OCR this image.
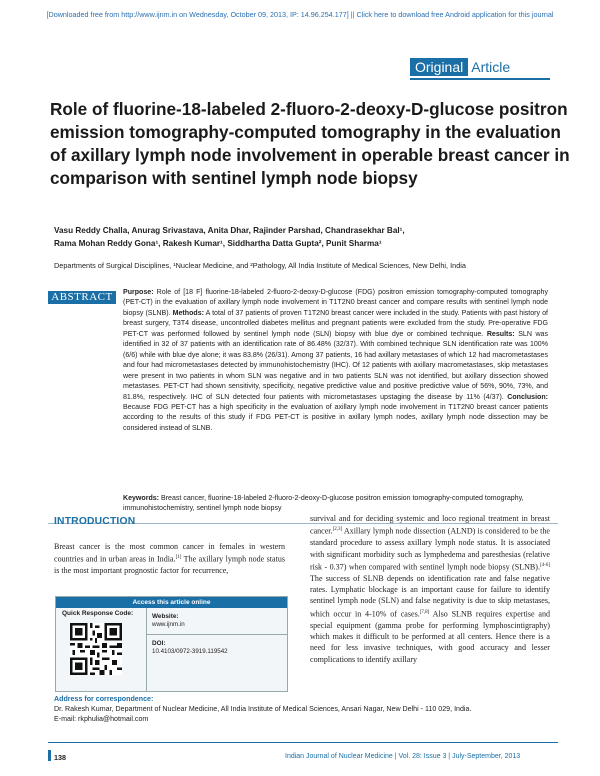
[Downloaded free from http://www.ijnm.in on Wednesday, October 09, 2013, IP: 14.96.254.177] || Click here to download free Android application for this journal
Original Article
Role of fluorine-18-labeled 2-fluoro-2-deoxy-D-glucose positron emission tomography-computed tomography in the evaluation of axillary lymph node involvement in operable breast cancer in comparison with sentinel lymph node biopsy
Vasu Reddy Challa, Anurag Srivastava, Anita Dhar, Rajinder Parshad, Chandrasekhar Bal¹,
Rama Mohan Reddy Gona¹, Rakesh Kumar¹, Siddhartha Datta Gupta², Punit Sharma¹
Departments of Surgical Disciplines, ¹Nuclear Medicine, and ²Pathology, All India Institute of Medical Sciences, New Delhi, India
ABSTRACT	Purpose: Role of [18 F] fluorine-18-labeled 2-fluoro-2-deoxy-D-glucose (FDG) positron emission tomography-computed tomography (PET-CT) in the evaluation of axillary lymph node involvement in T1T2N0 breast cancer and compare results with sentinel lymph node biopsy (SLNB). Methods: A total of 37 patients of proven T1T2N0 breast cancer were included in the study. Patients with past history of breast surgery, T3T4 disease, uncontrolled diabetes mellitus and pregnant patients were excluded from the study. Pre-operative FDG PET-CT was performed followed by sentinel lymph node (SLN) biopsy with blue dye or combined technique. Results: SLN was identified in 32 of 37 patients with an identification rate of 86.48% (32/37). With combined technique SLN identification rate was 100% (6/6) while with blue dye alone; it was 83.8% (26/31). Among 37 patients, 16 had axillary metastases of which 12 had macrometastases and four had micrometastases detected by immunohistochemistry (IHC). Of 12 patients with axillary macrometastases, skip metastases were present in two patients in whom SLN was negative and in two patients SLN was not identified, but axillary dissection showed metastases. PET-CT had shown sensitivity, specificity, negative predictive value and positive predictive value of 56%, 90%, 73%, and 81.8%, respectively. IHC of SLN detected four patients with micrometastases upstaging the disease by 11% (4/37). Conclusion: Because FDG PET-CT has a high specificity in the evaluation of axillary lymph node involvement in T1T2N0 breast cancer patients according to the results of this study if FDG PET-CT is positive in axillary lymph nodes, axillary lymph node dissection may be considered instead of SLNB.
Keywords: Breast cancer, fluorine-18-labeled 2-fluoro-2-deoxy-D-glucose positron emission tomography-computed tomography, immunohistochemistry, sentinel lymph node biopsy
INTRODUCTION
Breast cancer is the most common cancer in females in western countries and in urban areas in India.[1] The axillary lymph node status is the most important prognostic factor for recurrence,
survival and for deciding systemic and loco regional treatment in breast cancer.[2,3] Axillary lymph node dissection (ALND) is considered to be the standard procedure to assess axillary lymph node status. It is associated with significant morbidity such as lymphedema and paresthesias (relative risk - 0.37) when compared with sentinel lymph node biopsy (SLNB).[4-6] The success of SLNB depends on identification rate and false negative rates. Lymphatic blockage is an important cause for failure to identify sentinel lymph node (SLN) and false negativity is due to skip metastases, which occur in 4-10% of cases.[7,8] Also SLNB requires expertise and special equipment (gamma probe for performing lymphoscintigraphy) which makes it difficult to be performed at all centers. Hence there is a need for less invasive techniques, with good accuracy and lesser complications to identify axillary
Access this article online
Quick Response Code:	Website:
www.ijnm.in
DOI:
10.4103/0972-3919.119542
Address for correspondence:
Dr. Rakesh Kumar, Department of Nuclear Medicine, All India Institute of Medical Sciences, Ansari Nagar, New Delhi - 110 029, India.
E-mail: rkphulia@hotmail.com
138	Indian Journal of Nuclear Medicine | Vol. 28: Issue 3 | July-September, 2013
